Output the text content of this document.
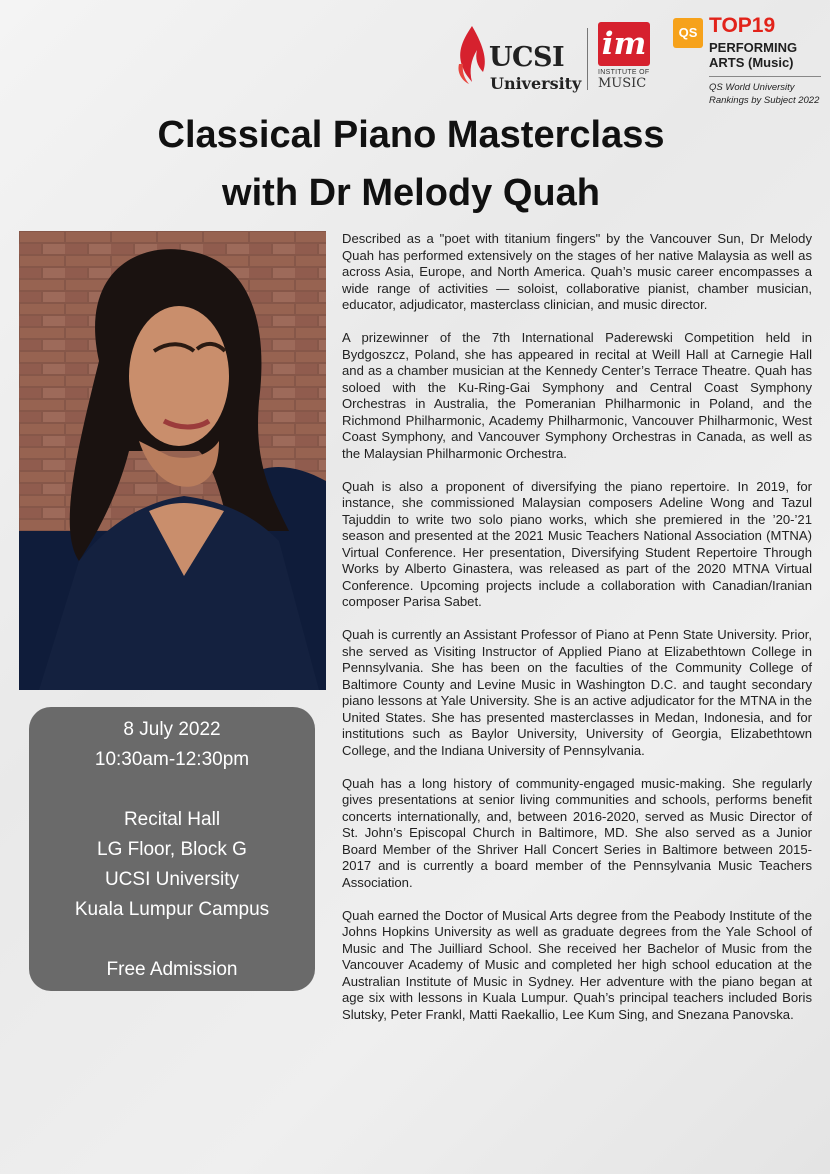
UCSI
University
im
INSTITUTE OF
MUSIC
QS TOP19
PERFORMING
ARTS (Music)
QS World University
Rankings by Subject 2022
Classical Piano Masterclass
with Dr Melody Quah
8 July 2022
10:30am-12:30pm
Recital Hall
LG Floor, Block G
UCSI University
Kuala Lumpur Campus
Free Admission

Described as a "poet with titanium fingers" by the Vancouver Sun, Dr Melody Quah has performed extensively on the stages of her native Malaysia as well as across Asia, Europe, and North America. Quah’s music career encompasses a wide range of activities — soloist, collaborative pianist, chamber musician, educator, adjudicator, masterclass clinician, and music director.

A prizewinner of the 7th International Paderewski Competition held in Bydgoszcz, Poland, she has appeared in recital at Weill Hall at Carnegie Hall and as a chamber musician at the Kennedy Center’s Terrace Theatre. Quah has soloed with the Ku-Ring-Gai Symphony and Central Coast Symphony Orchestras in Australia, the Pomeranian Philharmonic in Poland, and the Richmond Philharmonic, Academy Philharmonic, Vancouver Philharmonic, West Coast Symphony, and Vancouver Symphony Orchestras in Canada, as well as the Malaysian Philharmonic Orchestra.

Quah is also a proponent of diversifying the piano repertoire. In 2019, for instance, she commissioned Malaysian composers Adeline Wong and Tazul Tajuddin to write two solo piano works, which she premiered in the ’20-’21 season and presented at the 2021 Music Teachers National Association (MTNA) Virtual Conference. Her presentation, Diversifying Student Repertoire Through Works by Alberto Ginastera, was released as part of the 2020 MTNA Virtual Conference. Upcoming projects include a collaboration with Canadian/Iranian composer Parisa Sabet.

Quah is currently an Assistant Professor of Piano at Penn State University. Prior, she served as Visiting Instructor of Applied Piano at Elizabethtown College in Pennsylvania. She has been on the faculties of the Community College of Baltimore County and Levine Music in Washington D.C. and taught secondary piano lessons at Yale University. She is an active adjudicator for the MTNA in the United States. She has presented masterclasses in Medan, Indonesia, and for institutions such as Baylor University, University of Georgia, Elizabethtown College, and the Indiana University of Pennsylvania.

Quah has a long history of community-engaged music-making. She regularly gives presentations at senior living communities and schools, performs benefit concerts internationally, and, between 2016-2020, served as Music Director of St. John’s Episcopal Church in Baltimore, MD. She also served as a Junior Board Member of the Shriver Hall Concert Series in Baltimore between 2015-2017 and is currently a board member of the Pennsylvania Music Teachers Association.

Quah earned the Doctor of Musical Arts degree from the Peabody Institute of the Johns Hopkins University as well as graduate degrees from the Yale School of Music and The Juilliard School. She received her Bachelor of Music from the Vancouver Academy of Music and completed her high school education at the Australian Institute of Music in Sydney. Her adventure with the piano began at age six with lessons in Kuala Lumpur. Quah’s principal teachers included Boris Slutsky, Peter Frankl, Matti Raekallio, Lee Kum Sing, and Snezana Panovska.
